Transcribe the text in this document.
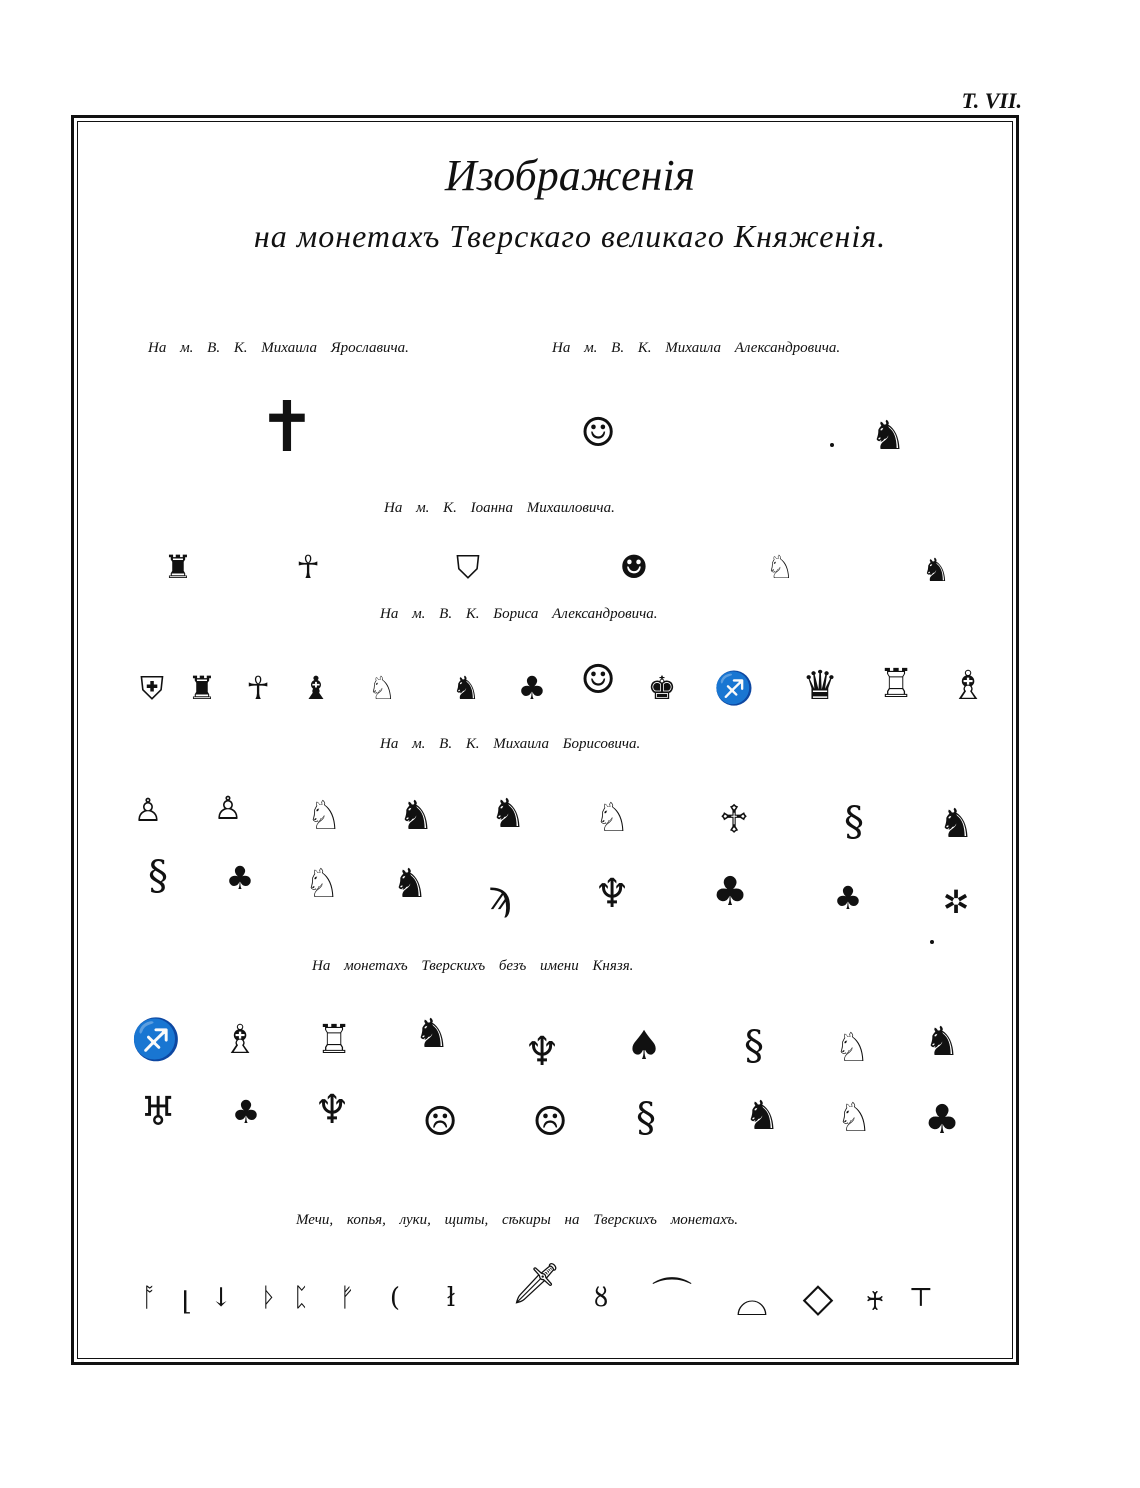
Т. VII.
Изображенія
на монетахъ Тверскаго великаго Княженія.
На м. В. К. Михаила Ярославича.	На м. В. К. Михаила Александровича.
✝	☺	♞
На м. К. Іоанна Михаиловича.
♜	☥	⛉	☻	♘	♞
На м. В. К. Бориса Александровича.
⛨ ♜ ☥ ♝ ♘ ♞ ♣ ☺ ♚ ♐ ♛ ♖ ♗
На м. В. К. Михаила Борисовича.
♙ ♙ ♘ ♞ ♞ ♘	♱	§	♞
§	♣ ♘ ♞	ϡ	♆ ♣	♣	✲
На монетахъ Тверскихъ безъ имени Князя.
♐ ♗ ♖ ♞ ♆ ♠	§	♘ ♞
♅	♣ ♆ ☹ ☹	§	♞ ♘ ♣
Мечи, копья, луки, щиты, сѣкиры на Тверскихъ монетахъ.
ᚩ ⌊ ↓ ᚦ ᛈ ᚠ	(	ł 🗡	ȣ ⌒	⌓ ◇	♰ ⊤
